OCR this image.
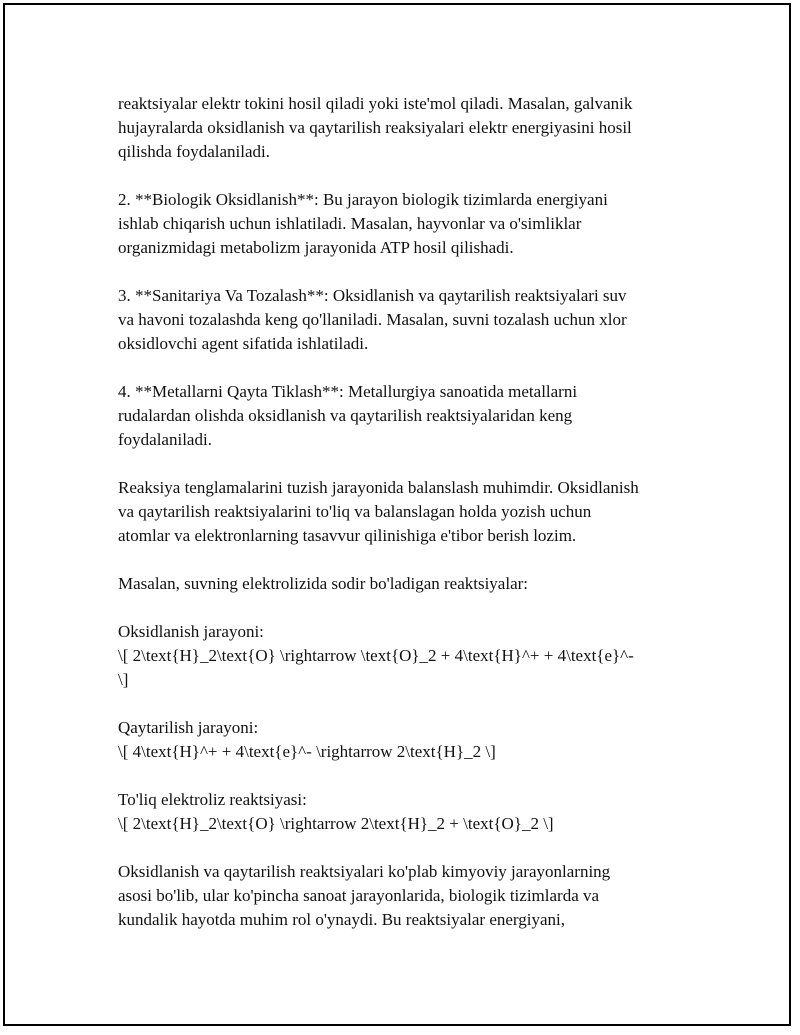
reaktsiyalar elektr tokini hosil qiladi yoki iste'mol qiladi. Masalan, galvanik
hujayralarda oksidlanish va qaytarilish reaksiyalari elektr energiyasini hosil
qilishda foydalaniladi.

2. **Biologik Oksidlanish**: Bu jarayon biologik tizimlarda energiyani
ishlab chiqarish uchun ishlatiladi. Masalan, hayvonlar va o'simliklar
organizmidagi metabolizm jarayonida ATP hosil qilishadi.

3. **Sanitariya Va Tozalash**: Oksidlanish va qaytarilish reaktsiyalari suv
va havoni tozalashda keng qo'llaniladi. Masalan, suvni tozalash uchun xlor
oksidlovchi agent sifatida ishlatiladi.

4. **Metallarni Qayta Tiklash**: Metallurgiya sanoatida metallarni
rudalardan olishda oksidlanish va qaytarilish reaktsiyalaridan keng
foydalaniladi.

Reaksiya tenglamalarini tuzish jarayonida balanslash muhimdir. Oksidlanish
va qaytarilish reaktsiyalarini to'liq va balanslagan holda yozish uchun
atomlar va elektronlarning tasavvur qilinishiga e'tibor berish lozim.

Masalan, suvning elektrolizida sodir bo'ladigan reaktsiyalar:

Oksidlanish jarayoni:
\[ 2\text{H}_2\text{O} \rightarrow \text{O}_2 + 4\text{H}^+ + 4\text{e}^-
\]

Qaytarilish jarayoni:
\[ 4\text{H}^+ + 4\text{e}^- \rightarrow 2\text{H}_2 \]

To'liq elektroliz reaktsiyasi:
\[ 2\text{H}_2\text{O} \rightarrow 2\text{H}_2 + \text{O}_2 \]

Oksidlanish va qaytarilish reaktsiyalari ko'plab kimyoviy jarayonlarning
asosi bo'lib, ular ko'pincha sanoat jarayonlarida, biologik tizimlarda va
kundalik hayotda muhim rol o'ynaydi. Bu reaktsiyalar energiyani,
